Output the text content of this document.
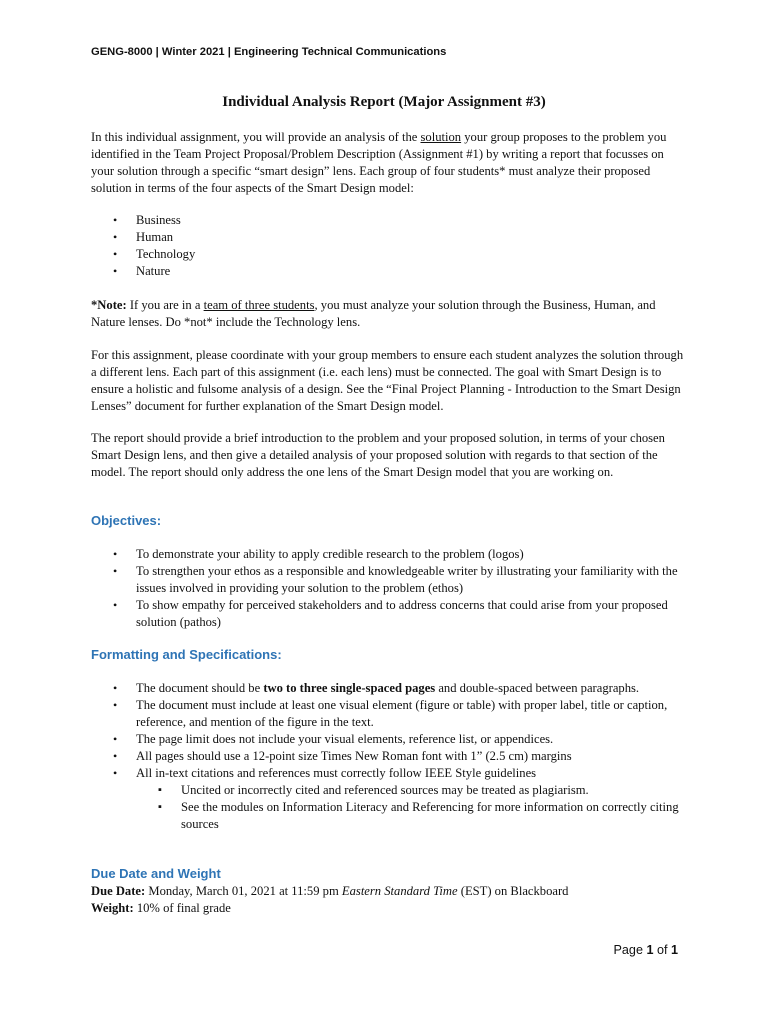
GENG-8000 | Winter 2021 | Engineering Technical Communications
Individual Analysis Report (Major Assignment #3)

In this individual assignment, you will provide an analysis of the solution your group proposes to the problem you identified in the Team Project Proposal/Problem Description (Assignment #1) by writing a report that focusses on your solution through a specific “smart design” lens. Each group of four students* must analyze their proposed solution in terms of the four aspects of the Smart Design model:

• Business
• Human
• Technology
• Nature

*Note: If you are in a team of three students, you must analyze your solution through the Business, Human, and Nature lenses. Do *not* include the Technology lens.

For this assignment, please coordinate with your group members to ensure each student analyzes the solution through a different lens. Each part of this assignment (i.e. each lens) must be connected. The goal with Smart Design is to ensure a holistic and fulsome analysis of a design. See the “Final Project Planning - Introduction to the Smart Design Lenses” document for further explanation of the Smart Design model.

The report should provide a brief introduction to the problem and your proposed solution, in terms of your chosen Smart Design lens, and then give a detailed analysis of your proposed solution with regards to that section of the model. The report should only address the one lens of the Smart Design model that you are working on.

Objectives:
• To demonstrate your ability to apply credible research to the problem (logos)
• To strengthen your ethos as a responsible and knowledgeable writer by illustrating your familiarity with the issues involved in providing your solution to the problem (ethos)
• To show empathy for perceived stakeholders and to address concerns that could arise from your proposed solution (pathos)
Formatting and Specifications:
• The document should be two to three single-spaced pages and double-spaced between paragraphs.
• The document must include at least one visual element (figure or table) with proper label, title or caption, reference, and mention of the figure in the text.
• The page limit does not include your visual elements, reference list, or appendices.
• All pages should use a 12-point size Times New Roman font with 1” (2.5 cm) margins
• All in-text citations and references must correctly follow IEEE Style guidelines
▪ Uncited or incorrectly cited and referenced sources may be treated as plagiarism.
▪ See the modules on Information Literacy and Referencing for more information on correctly citing sources
Due Date and Weight

Due Date: Monday, March 01, 2021 at 11:59 pm Eastern Standard Time (EST) on Blackboard

Weight: 10% of final grade

Page 1 of 1
